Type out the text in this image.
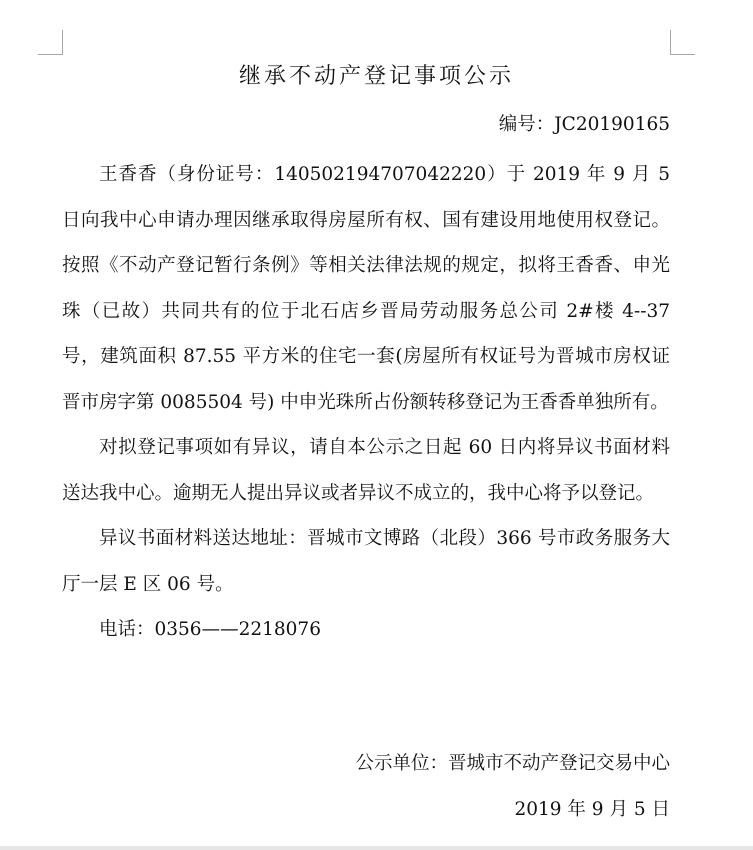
继承不动产登记事项公示
编号：JC20190165

王香香（身份证号：140502194707042220）于 2019 年 9 月 5 日向我中心申请办理因继承取得房屋所有权、国有建设用地使用权登记。按照《不动产登记暂行条例》等相关法律法规的规定，拟将王香香、申光珠（已故）共同共有的位于北石店乡晋局劳动服务总公司 2#楼 4--37 号，建筑面积 87.55 平方米的住宅一套(房屋所有权证号为晋城市房权证晋市房字第 0085504 号) 中申光珠所占份额转移登记为王香香单独所有。

对拟登记事项如有异议，请自本公示之日起 60 日内将异议书面材料送达我中心。逾期无人提出异议或者异议不成立的，我中心将予以登记。

异议书面材料送达地址：晋城市文博路（北段）366 号市政务服务大厅一层 E 区 06 号。

电话：0356——2218076

公示单位：晋城市不动产登记交易中心
2019 年 9 月 5 日
